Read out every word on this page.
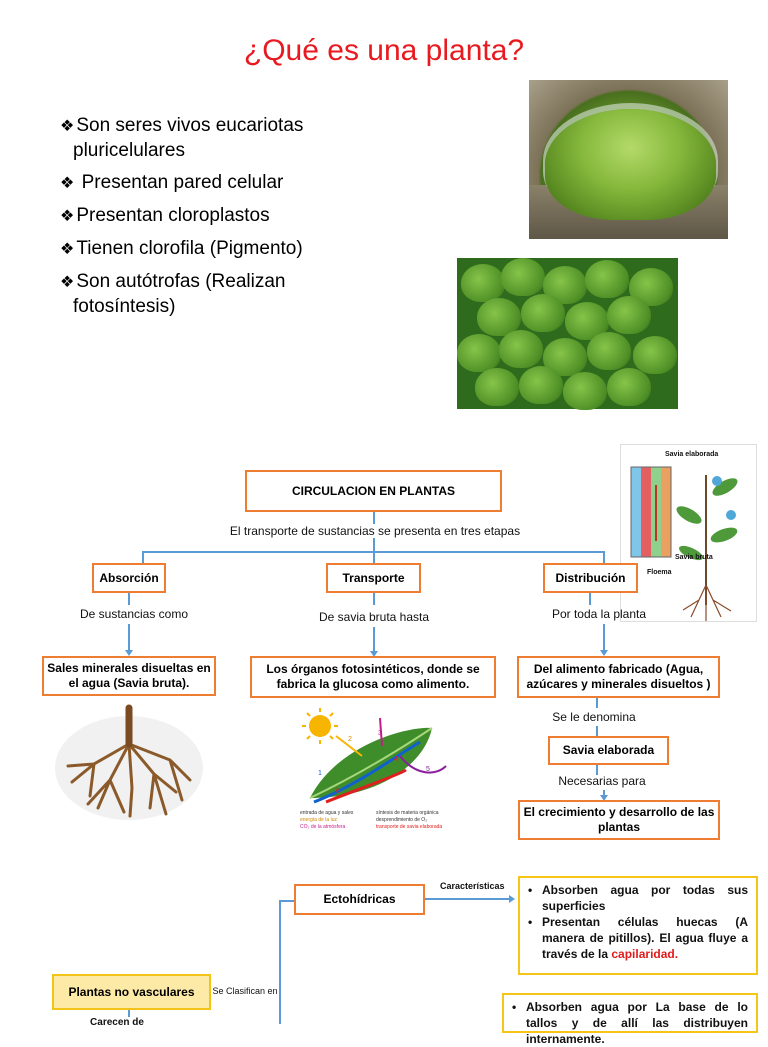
¿Qué es una planta?
❖ Son seres vivos eucariotas
pluricelulares
❖ Presentan pared celular
❖ Presentan cloroplastos
❖ Tienen clorofila (Pigmento)
❖ Son autótrofas (Realizan
fotosíntesis)
Savia elaborada
Savia bruta
Floema
CIRCULACION EN PLANTAS
El transporte de sustancias se presenta en tres etapas
Absorción	Transporte	Distribución
De sustancias como	De savia bruta hasta	Por toda la planta
Sales minerales disueltas en el agua (Savia bruta).
Los órganos fotosintéticos, donde se fabrica la glucosa como alimento.
Del alimento fabricado (Agua, azúcares y minerales disueltos )
Se le denomina
Savia elaborada
Necesarias para
El crecimiento y desarrollo de las plantas
1
2
3
4
5
6
entrada de agua y sales	síntesis de materia orgánica
energía de la luz	desprendimiento de O₂
CO₂ de la atmósfera	transporte de savia elaborada
Ectohídricas
Características
•	Absorben agua por todas sus superficies
• Presentan células huecas (A manera de pitillos). El agua fluye a través de la capilaridad.
Se Clasifican en
Plantas no vasculares
Carecen de
• Absorben agua por La base de lo tallos y de allí las distribuyen internamente.
